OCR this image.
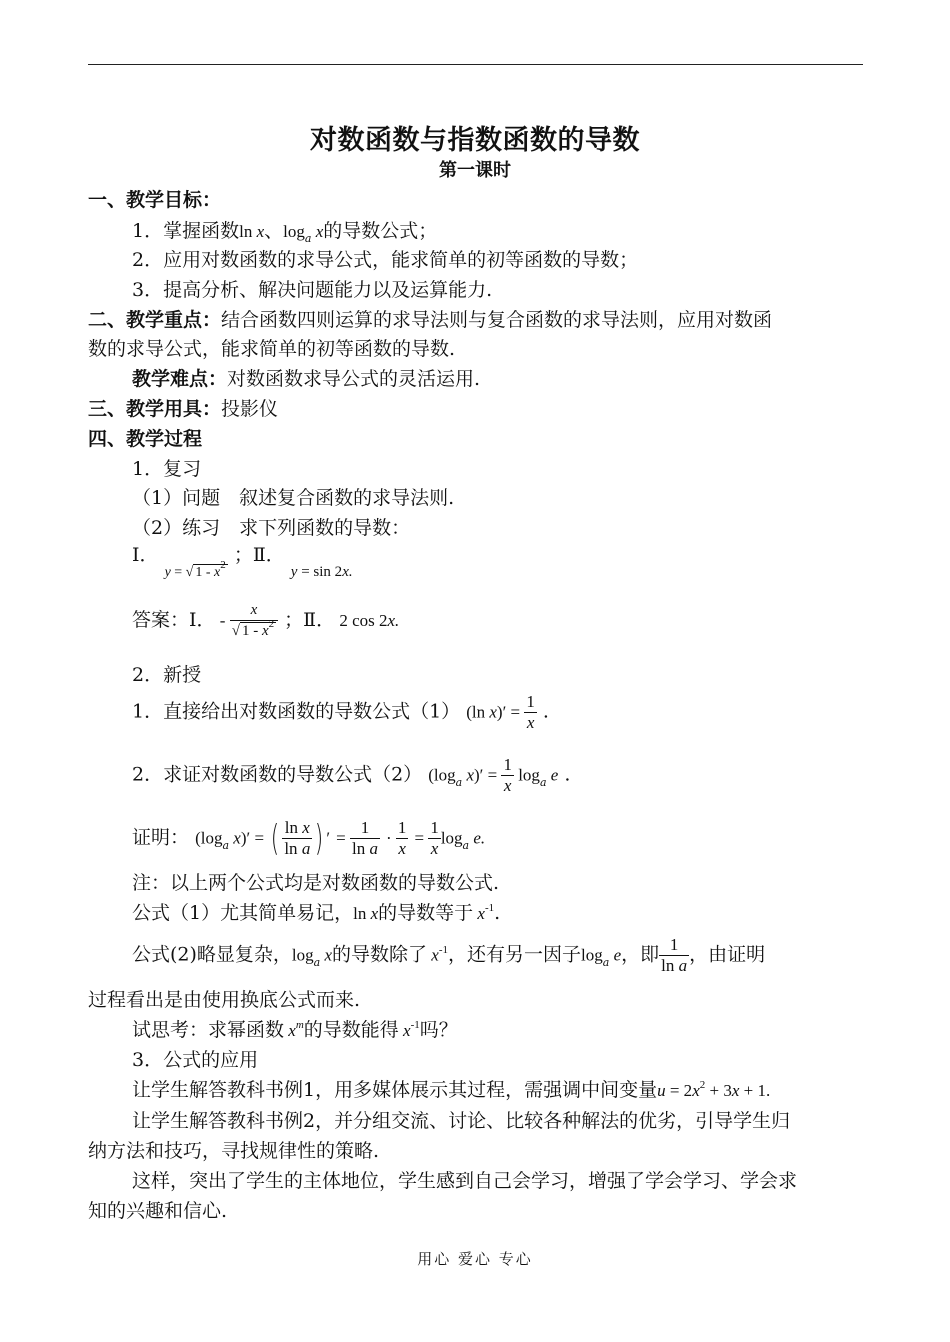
对数函数与指数函数的导数
第一课时
一、教学目标：
1．掌握函数ln x、$\log_a x$的导数公式；
2．应用对数函数的求导公式，能求简单的初等函数的导数；
3．提高分析、解决问题能力以及运算能力.
二、教学重点：结合函数四则运算的求导法则与复合函数的求导法则，应用对数函
数的求导公式，能求简单的初等函数的导数.
教学难点：对数函数求导公式的灵活运用.
三、教学用具：投影仪
四、教学过程
1．复习
（1）问题　叙述复合函数的求导法则.
（2）练习　求下列函数的导数：
Ⅰ． y = √ $1 - x^2$ ；Ⅱ． y = sin 2x.
答案：Ⅰ． - $\frac{x}{√ 1 - x^2}$ ；Ⅱ． 2 cos 2x.
2．新授
1．直接给出对数函数的导数公式（1） (ln $x)' = \frac{1}{x}$ .
2．求证对数函数的导数公式（2） ($\log_a$ $x)' = \frac{1}{x} \log_a e$ .
证明： ($\log_a$ x)′ = ( $\frac{\text{ln x}}{\text{ln a}}$ ) ′ = $\frac{1}{\text{ln a}} \cdot \frac{1}{x} = \frac{1}{x} \log_a e$.
注：以上两个公式均是对数函数的导数公式.
公式（1）尤其简单易记，ln x的导数等于 $x^{-1}$.
公式(2)略显复杂，$\log_a x$的导数除了 $x^{-1}$，还有另一因子$\log_a e$，即 $\frac{1}{\text{ln a}}$ ，由证明
过程看出是由使用换底公式而来.
试思考：求幂函数 $x^m$的导数能得 $x^{-1}$吗？
3．公式的应用
让学生解答教科书例1，用多媒体展示其过程，需强调中间变量$u = 2x^2 + 3x + 1$.
让学生解答教科书例2，并分组交流、讨论、比较各种解法的优劣，引导学生归
纳方法和技巧，寻找规律性的策略.
这样，突出了学生的主体地位，学生感到自己会学习，增强了学会学习、学会求
知的兴趣和信心.
用心 爱心 专心
